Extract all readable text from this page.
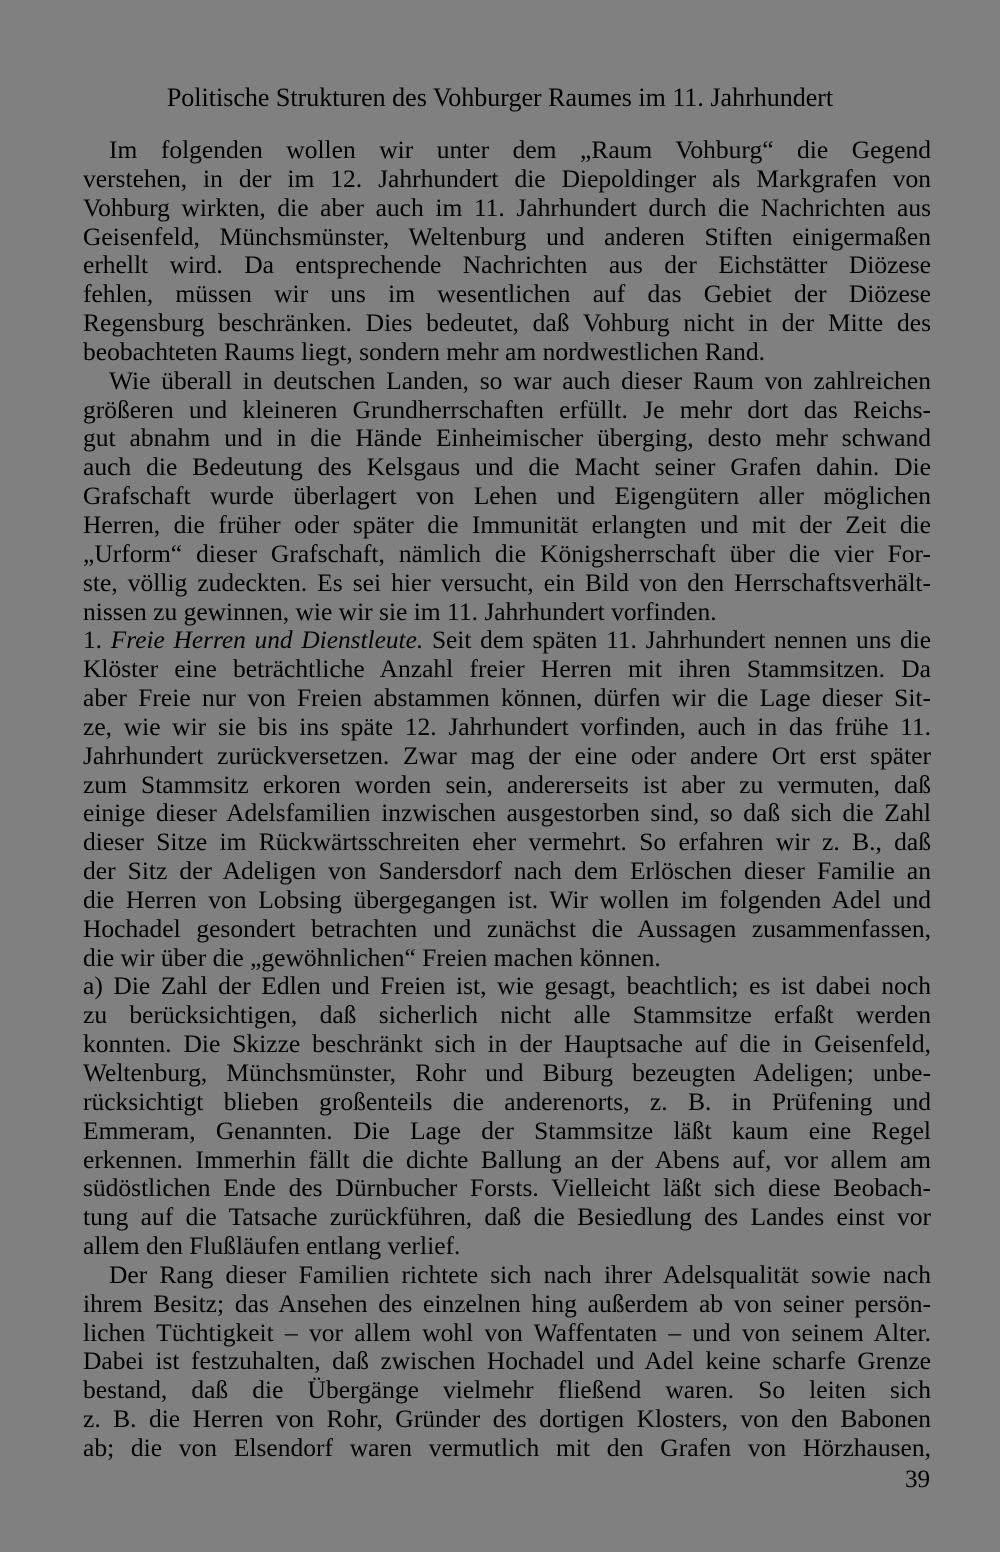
Politische Strukturen des Vohburger Raumes im 11. Jahrhundert
Im folgenden wollen wir unter dem „Raum Vohburg“ die Gegend
verstehen, in der im 12. Jahrhundert die Diepoldinger als Markgrafen von
Vohburg wirkten, die aber auch im 11. Jahrhundert durch die Nachrichten aus
Geisenfeld, Münchsmünster, Weltenburg und anderen Stiften einigermaßen
erhellt wird. Da entsprechende Nachrichten aus der Eichstätter Diözese
fehlen, müssen wir uns im wesentlichen auf das Gebiet der Diözese
Regensburg beschränken. Dies bedeutet, daß Vohburg nicht in der Mitte des
beobachteten Raums liegt, sondern mehr am nordwestlichen Rand.
Wie überall in deutschen Landen, so war auch dieser Raum von zahlreichen
größeren und kleineren Grundherrschaften erfüllt. Je mehr dort das Reichs-
gut abnahm und in die Hände Einheimischer überging, desto mehr schwand
auch die Bedeutung des Kelsgaus und die Macht seiner Grafen dahin. Die
Grafschaft wurde überlagert von Lehen und Eigengütern aller möglichen
Herren, die früher oder später die Immunität erlangten und mit der Zeit die
„Urform“ dieser Grafschaft, nämlich die Königsherrschaft über die vier For-
ste, völlig zudeckten. Es sei hier versucht, ein Bild von den Herrschaftsverhält-
nissen zu gewinnen, wie wir sie im 11. Jahrhundert vorfinden.
1. Freie Herren und Dienstleute. Seit dem späten 11. Jahrhundert nennen uns die
Klöster eine beträchtliche Anzahl freier Herren mit ihren Stammsitzen. Da
aber Freie nur von Freien abstammen können, dürfen wir die Lage dieser Sit-
ze, wie wir sie bis ins späte 12. Jahrhundert vorfinden, auch in das frühe 11.
Jahrhundert zurückversetzen. Zwar mag der eine oder andere Ort erst später
zum Stammsitz erkoren worden sein, andererseits ist aber zu vermuten, daß
einige dieser Adelsfamilien inzwischen ausgestorben sind, so daß sich die Zahl
dieser Sitze im Rückwärtsschreiten eher vermehrt. So erfahren wir z. B., daß
der Sitz der Adeligen von Sandersdorf nach dem Erlöschen dieser Familie an
die Herren von Lobsing übergegangen ist. Wir wollen im folgenden Adel und
Hochadel gesondert betrachten und zunächst die Aussagen zusammenfassen,
die wir über die „gewöhnlichen“ Freien machen können.
a) Die Zahl der Edlen und Freien ist, wie gesagt, beachtlich; es ist dabei noch
zu berücksichtigen, daß sicherlich nicht alle Stammsitze erfaßt werden
konnten. Die Skizze beschränkt sich in der Hauptsache auf die in Geisenfeld,
Weltenburg, Münchsmünster, Rohr und Biburg bezeugten Adeligen; unbe-
rücksichtigt blieben großenteils die anderenorts, z. B. in Prüfening und
Emmeram, Genannten. Die Lage der Stammsitze läßt kaum eine Regel
erkennen. Immerhin fällt die dichte Ballung an der Abens auf, vor allem am
südöstlichen Ende des Dürnbucher Forsts. Vielleicht läßt sich diese Beobach-
tung auf die Tatsache zurückführen, daß die Besiedlung des Landes einst vor
allem den Flußläufen entlang verlief.
Der Rang dieser Familien richtete sich nach ihrer Adelsqualität sowie nach
ihrem Besitz; das Ansehen des einzelnen hing außerdem ab von seiner persön-
lichen Tüchtigkeit – vor allem wohl von Waffentaten – und von seinem Alter.
Dabei ist festzuhalten, daß zwischen Hochadel und Adel keine scharfe Grenze
bestand, daß die Übergänge vielmehr fließend waren. So leiten sich
z. B. die Herren von Rohr, Gründer des dortigen Klosters, von den Babonen
ab; die von Elsendorf waren vermutlich mit den Grafen von Hörzhausen,
39
